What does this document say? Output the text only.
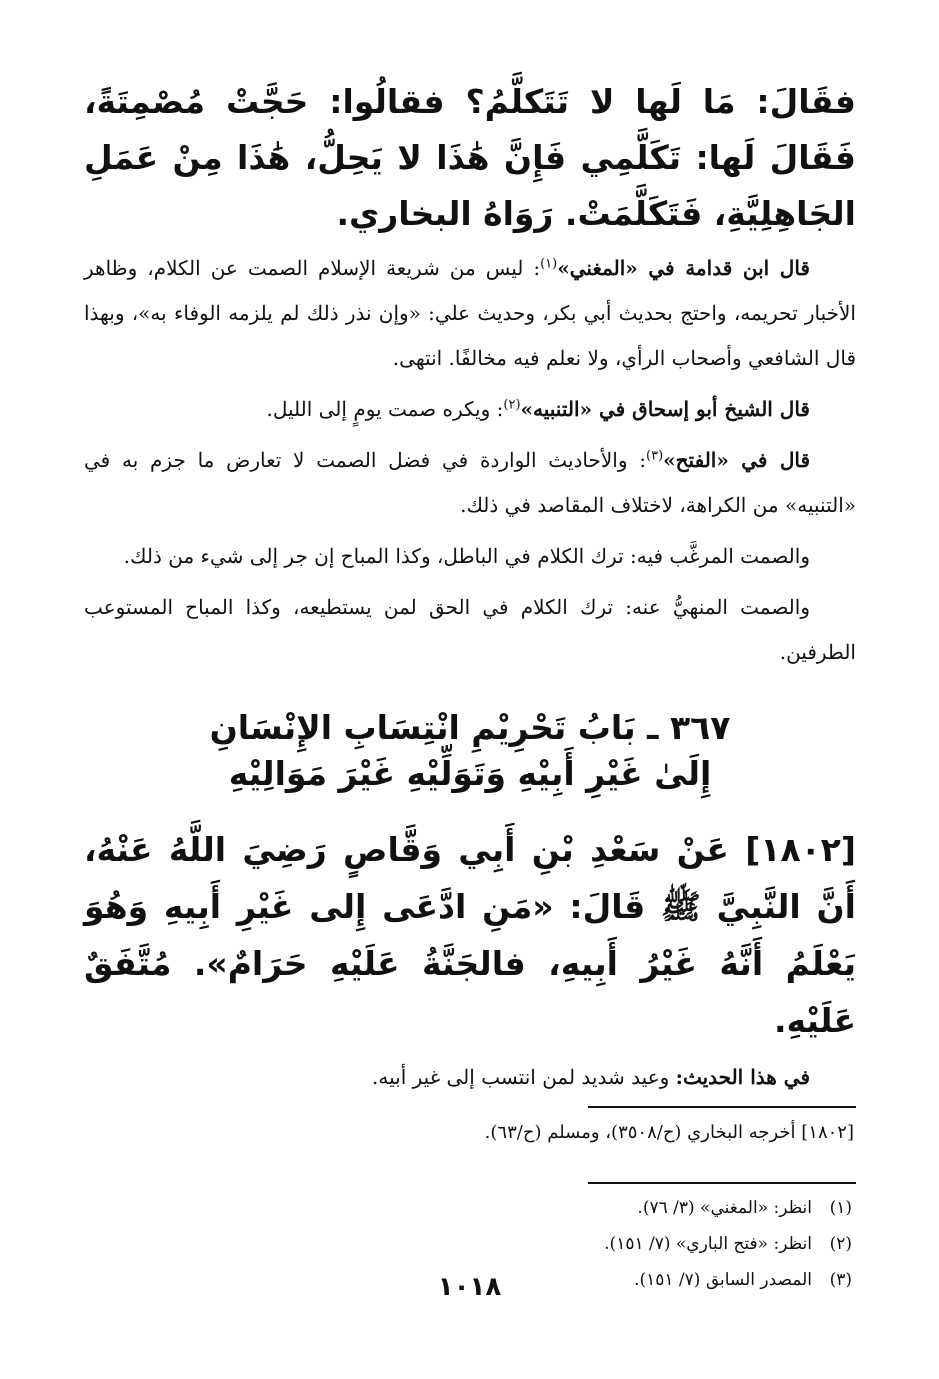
فقَالَ: مَا لَها لا تَتَكلَّمُ؟ فقالُوا: حَجَّتْ مُصْمِتَةً، فَقَالَ لَها: تَكَلَّمِي فَإِنَّ هَٰذَا لا يَحِلُّ، هَٰذَا مِنْ عَمَلِ الجَاهِلِيَّةِ، فَتَكَلَّمَتْ. رَوَاهُ البخاري.

قال ابن قدامة في «المغني»$^{(١)}$: ليس من شريعة الإسلام الصمت عن الكلام، وظاهر الأخبار تحريمه، واحتج بحديث أبي بكر، وحديث علي: «وإن نذر ذلك لم يلزمه الوفاء به»، وبهذا قال الشافعي وأصحاب الرأي، ولا نعلم فيه مخالفًا. انتهى.

قال الشيخ أبو إسحاق في «التنبيه»$^{(٢)}$: ويكره صمت يومٍ إلى الليل.

قال في «الفتح»$^{(٣)}$: والأحاديث الواردة في فضل الصمت لا تعارض ما جزم به في «التنبيه» من الكراهة، لاختلاف المقاصد في ذلك.

والصمت المرغَّب فيه: ترك الكلام في الباطل، وكذا المباح إن جر إلى شيء من ذلك.

والصمت المنهيُّ عنه: ترك الكلام في الحق لمن يستطيعه، وكذا المباح المستوعب الطرفين.

٣٦٧ ـ بَابُ تَحْرِيْمِ انْتِسَابِ الإِنْسَانِ
إِلَىٰ غَيْرِ أَبِيْهِ وَتَوَلِّيْهِ غَيْرَ مَوَالِيْهِ

[١٨٠٢] عَنْ سَعْدِ بْنِ أَبِي وَقَّاصٍ رَضِيَ اللَّهُ عَنْهُ، أَنَّ النَّبِيَّ ﷺ قَالَ: «مَنِ ادَّعَى إِلى غَيْرِ أَبِيهِ وَهُوَ يَعْلَمُ أَنَّهُ غَيْرُ أَبِيهِ، فالجَنَّةُ عَلَيْهِ حَرَامٌ». مُتَّفَقٌ عَلَيْهِ.

في هذا الحديث: وعيد شديد لمن انتسب إلى غير أبيه.

[١٨٠٢] أخرجه البخاري (ح/٣٥٠٨)، ومسلم (ح/٦٣).

(١)انظر: «المغني» (٣/ ٧٦).
(٢)انظر: «فتح الباري» (٧/ ١٥١).
(٣)المصدر السابق (٧/ ١٥١).
١٠١٨
